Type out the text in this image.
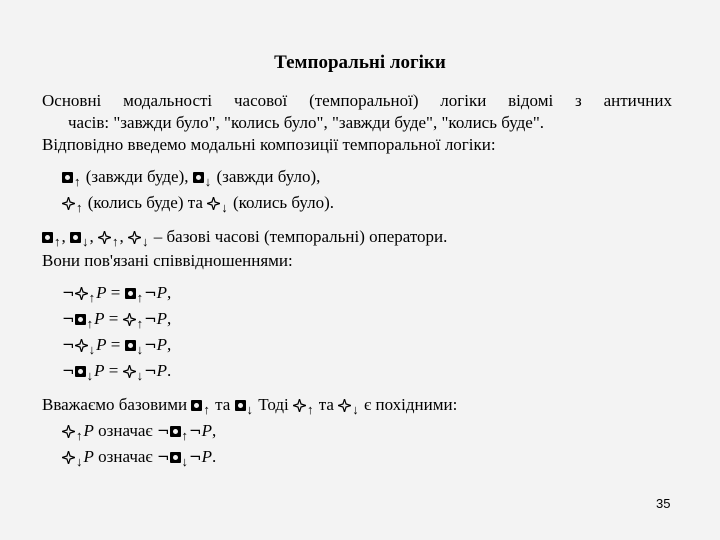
Темпоральні логіки
Основні модальності часової (темпоральної) логіки відомі з античних
часів: "завжди було", "колись було", "завжди буде", "колись буде".
Відповідно введемо модальні композиції темпоральної логіки:
↑ (завжди буде), ↓ (завжди було),
↑ (колись буде) та ↓ (колись було).
↑, ↓, ↑, ↓ – базові часові (темпоральні) оператори.
Вони пов'язані співвідношеннями:
¬ ↑P = ↑¬P,
¬ ↑P = ↑¬P,
¬ ↓P = ↓¬P,
¬ ↓P = ↓¬P.
Вважаємо базовими ↑ та ↓ Тоді ↑ та ↓ є похідними:
↑P означає ¬ ↑¬P,
↓P означає ¬ ↓¬P.
35
